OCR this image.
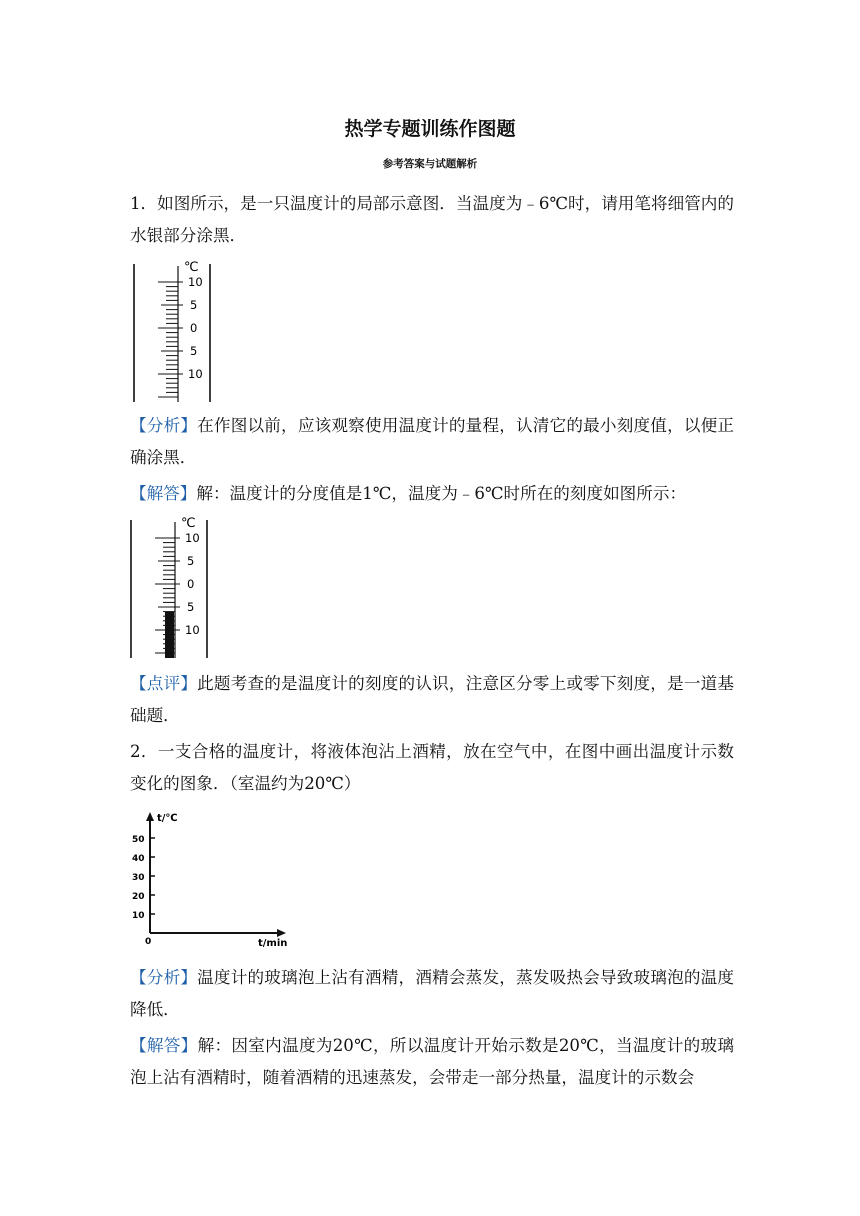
热学专题训练作图题
参考答案与试题解析

1．如图所示，是一只温度计的局部示意图．当温度为﹣6℃时，请用笔将细管内的水银部分涂黑．

℃
10
5
0
5
10

【分析】在作图以前，应该观察使用温度计的量程，认清它的最小刻度值，以便正确涂黑．

【解答】解：温度计的分度值是1℃，温度为﹣6℃时所在的刻度如图所示：

℃
10
5
0
5
10

【点评】此题考查的是温度计的刻度的认识，注意区分零上或零下刻度，是一道基础题．

2．一支合格的温度计，将液体泡沾上酒精，放在空气中，在图中画出温度计示数变化的图象．（室温约为20℃）

t/℃
50
40
30
20
10
0	t/min

【分析】温度计的玻璃泡上沾有酒精，酒精会蒸发，蒸发吸热会导致玻璃泡的温度降低．

【解答】解：因室内温度为20℃，所以温度计开始示数是20℃，当温度计的玻璃泡上沾有酒精时，随着酒精的迅速蒸发，会带走一部分热量，温度计的示数会
